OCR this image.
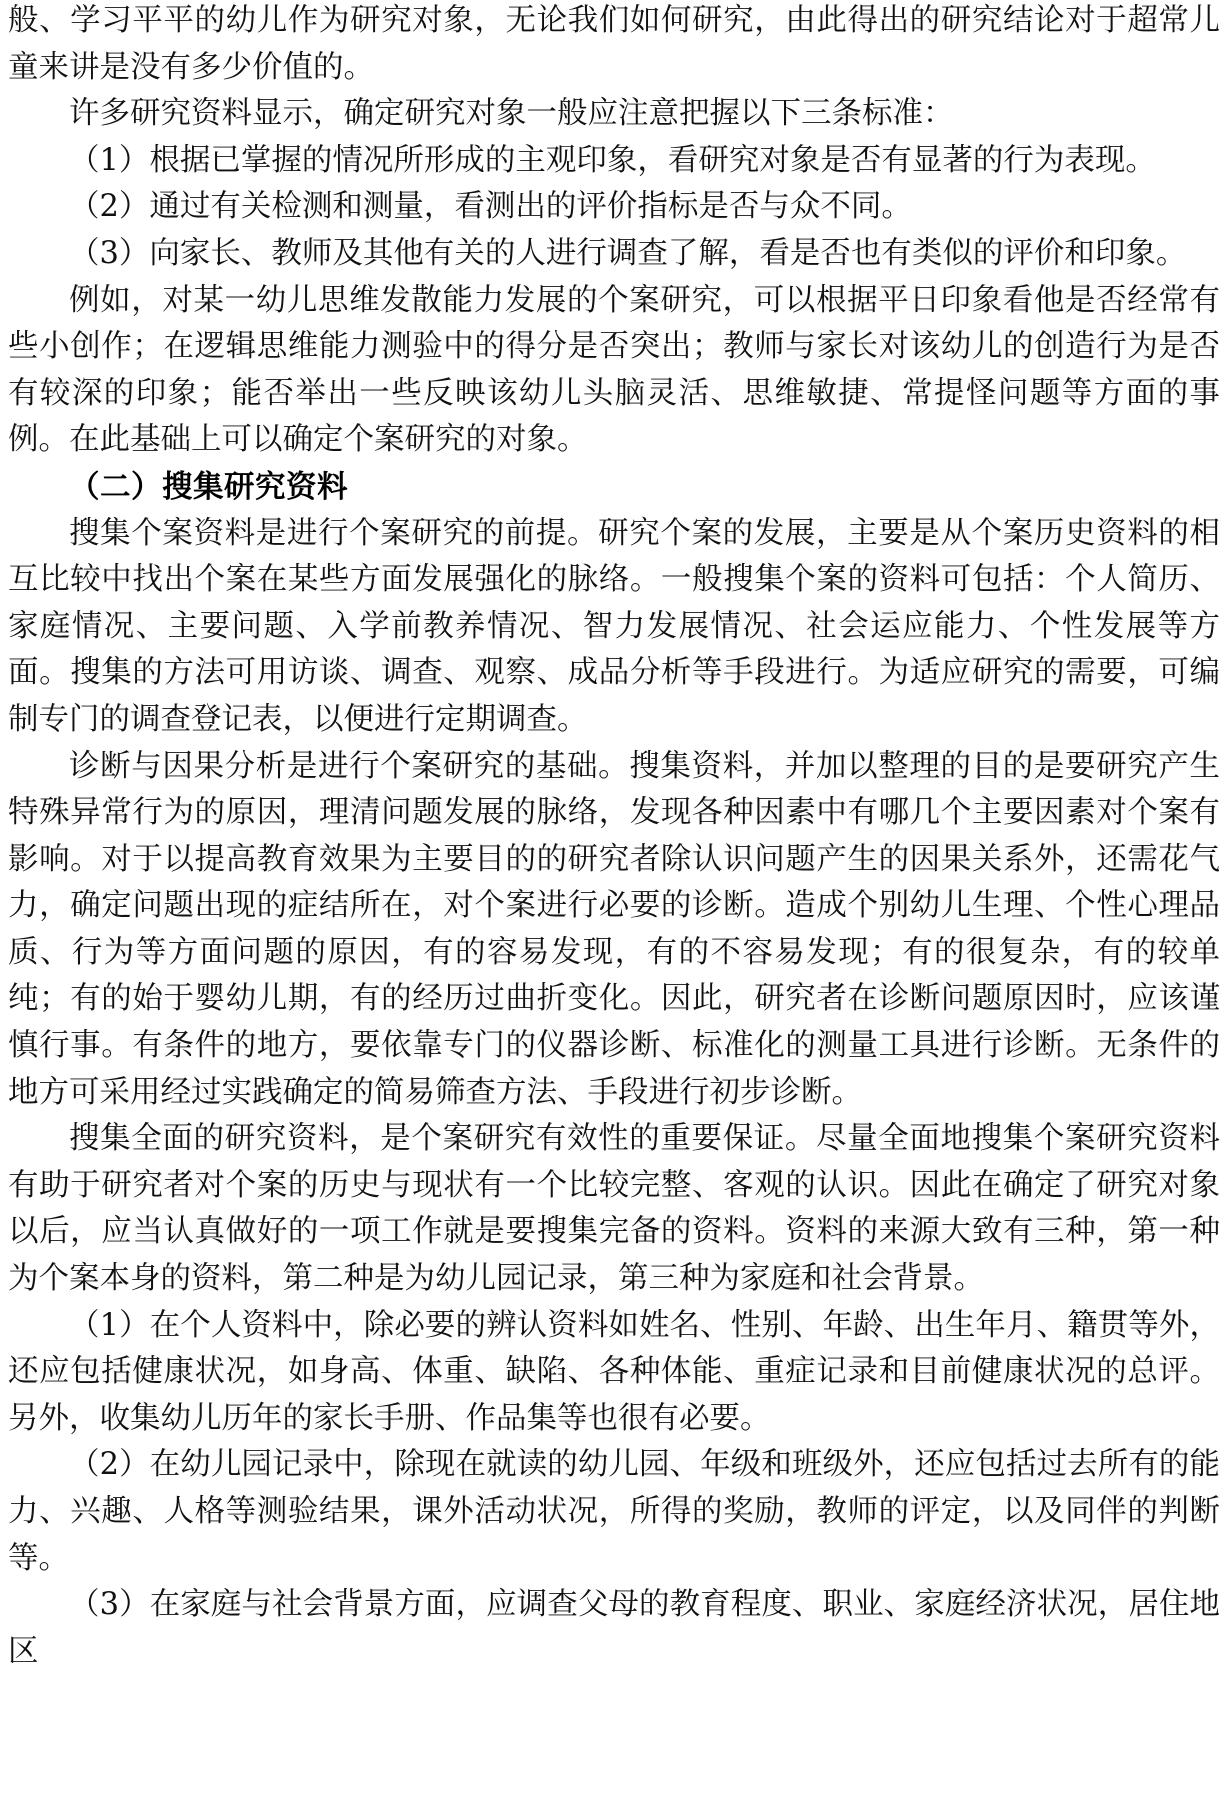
般、学习平平的幼儿作为研究对象，无论我们如何研究，由此得出的研究结论对于超常儿童来讲是没有多少价值的。

许多研究资料显示，确定研究对象一般应注意把握以下三条标准：

（1）根据已掌握的情况所形成的主观印象，看研究对象是否有显著的行为表现。

（2）通过有关检测和测量，看测出的评价指标是否与众不同。

（3）向家长、教师及其他有关的人进行调查了解，看是否也有类似的评价和印象。

例如，对某一幼儿思维发散能力发展的个案研究，可以根据平日印象看他是否经常有些小创作；在逻辑思维能力测验中的得分是否突出；教师与家长对该幼儿的创造行为是否有较深的印象；能否举出一些反映该幼儿头脑灵活、思维敏捷、常提怪问题等方面的事例。在此基础上可以确定个案研究的对象。

（二）搜集研究资料

搜集个案资料是进行个案研究的前提。研究个案的发展，主要是从个案历史资料的相互比较中找出个案在某些方面发展强化的脉络。一般搜集个案的资料可包括：个人简历、家庭情况、主要问题、入学前教养情况、智力发展情况、社会运应能力、个性发展等方面。搜集的方法可用访谈、调查、观察、成品分析等手段进行。为适应研究的需要，可编制专门的调查登记表，以便进行定期调查。

诊断与因果分析是进行个案研究的基础。搜集资料，并加以整理的目的是要研究产生特殊异常行为的原因，理清问题发展的脉络，发现各种因素中有哪几个主要因素对个案有影响。对于以提高教育效果为主要目的的研究者除认识问题产生的因果关系外，还需花气力，确定问题出现的症结所在，对个案进行必要的诊断。造成个别幼儿生理、个性心理品质、行为等方面问题的原因，有的容易发现，有的不容易发现；有的很复杂，有的较单纯；有的始于婴幼儿期，有的经历过曲折变化。因此，研究者在诊断问题原因时，应该谨慎行事。有条件的地方，要依靠专门的仪器诊断、标准化的测量工具进行诊断。无条件的地方可采用经过实践确定的简易筛查方法、手段进行初步诊断。

搜集全面的研究资料，是个案研究有效性的重要保证。尽量全面地搜集个案研究资料有助于研究者对个案的历史与现状有一个比较完整、客观的认识。因此在确定了研究对象以后，应当认真做好的一项工作就是要搜集完备的资料。资料的来源大致有三种，第一种为个案本身的资料，第二种是为幼儿园记录，第三种为家庭和社会背景。

（1）在个人资料中，除必要的辨认资料如姓名、性别、年龄、出生年月、籍贯等外，还应包括健康状况，如身高、体重、缺陷、各种体能、重症记录和目前健康状况的总评。另外，收集幼儿历年的家长手册、作品集等也很有必要。

（2）在幼儿园记录中，除现在就读的幼儿园、年级和班级外，还应包括过去所有的能力、兴趣、人格等测验结果，课外活动状况，所得的奖励，教师的评定，以及同伴的判断等。

（3）在家庭与社会背景方面，应调查父母的教育程度、职业、家庭经济状况，居住地区
